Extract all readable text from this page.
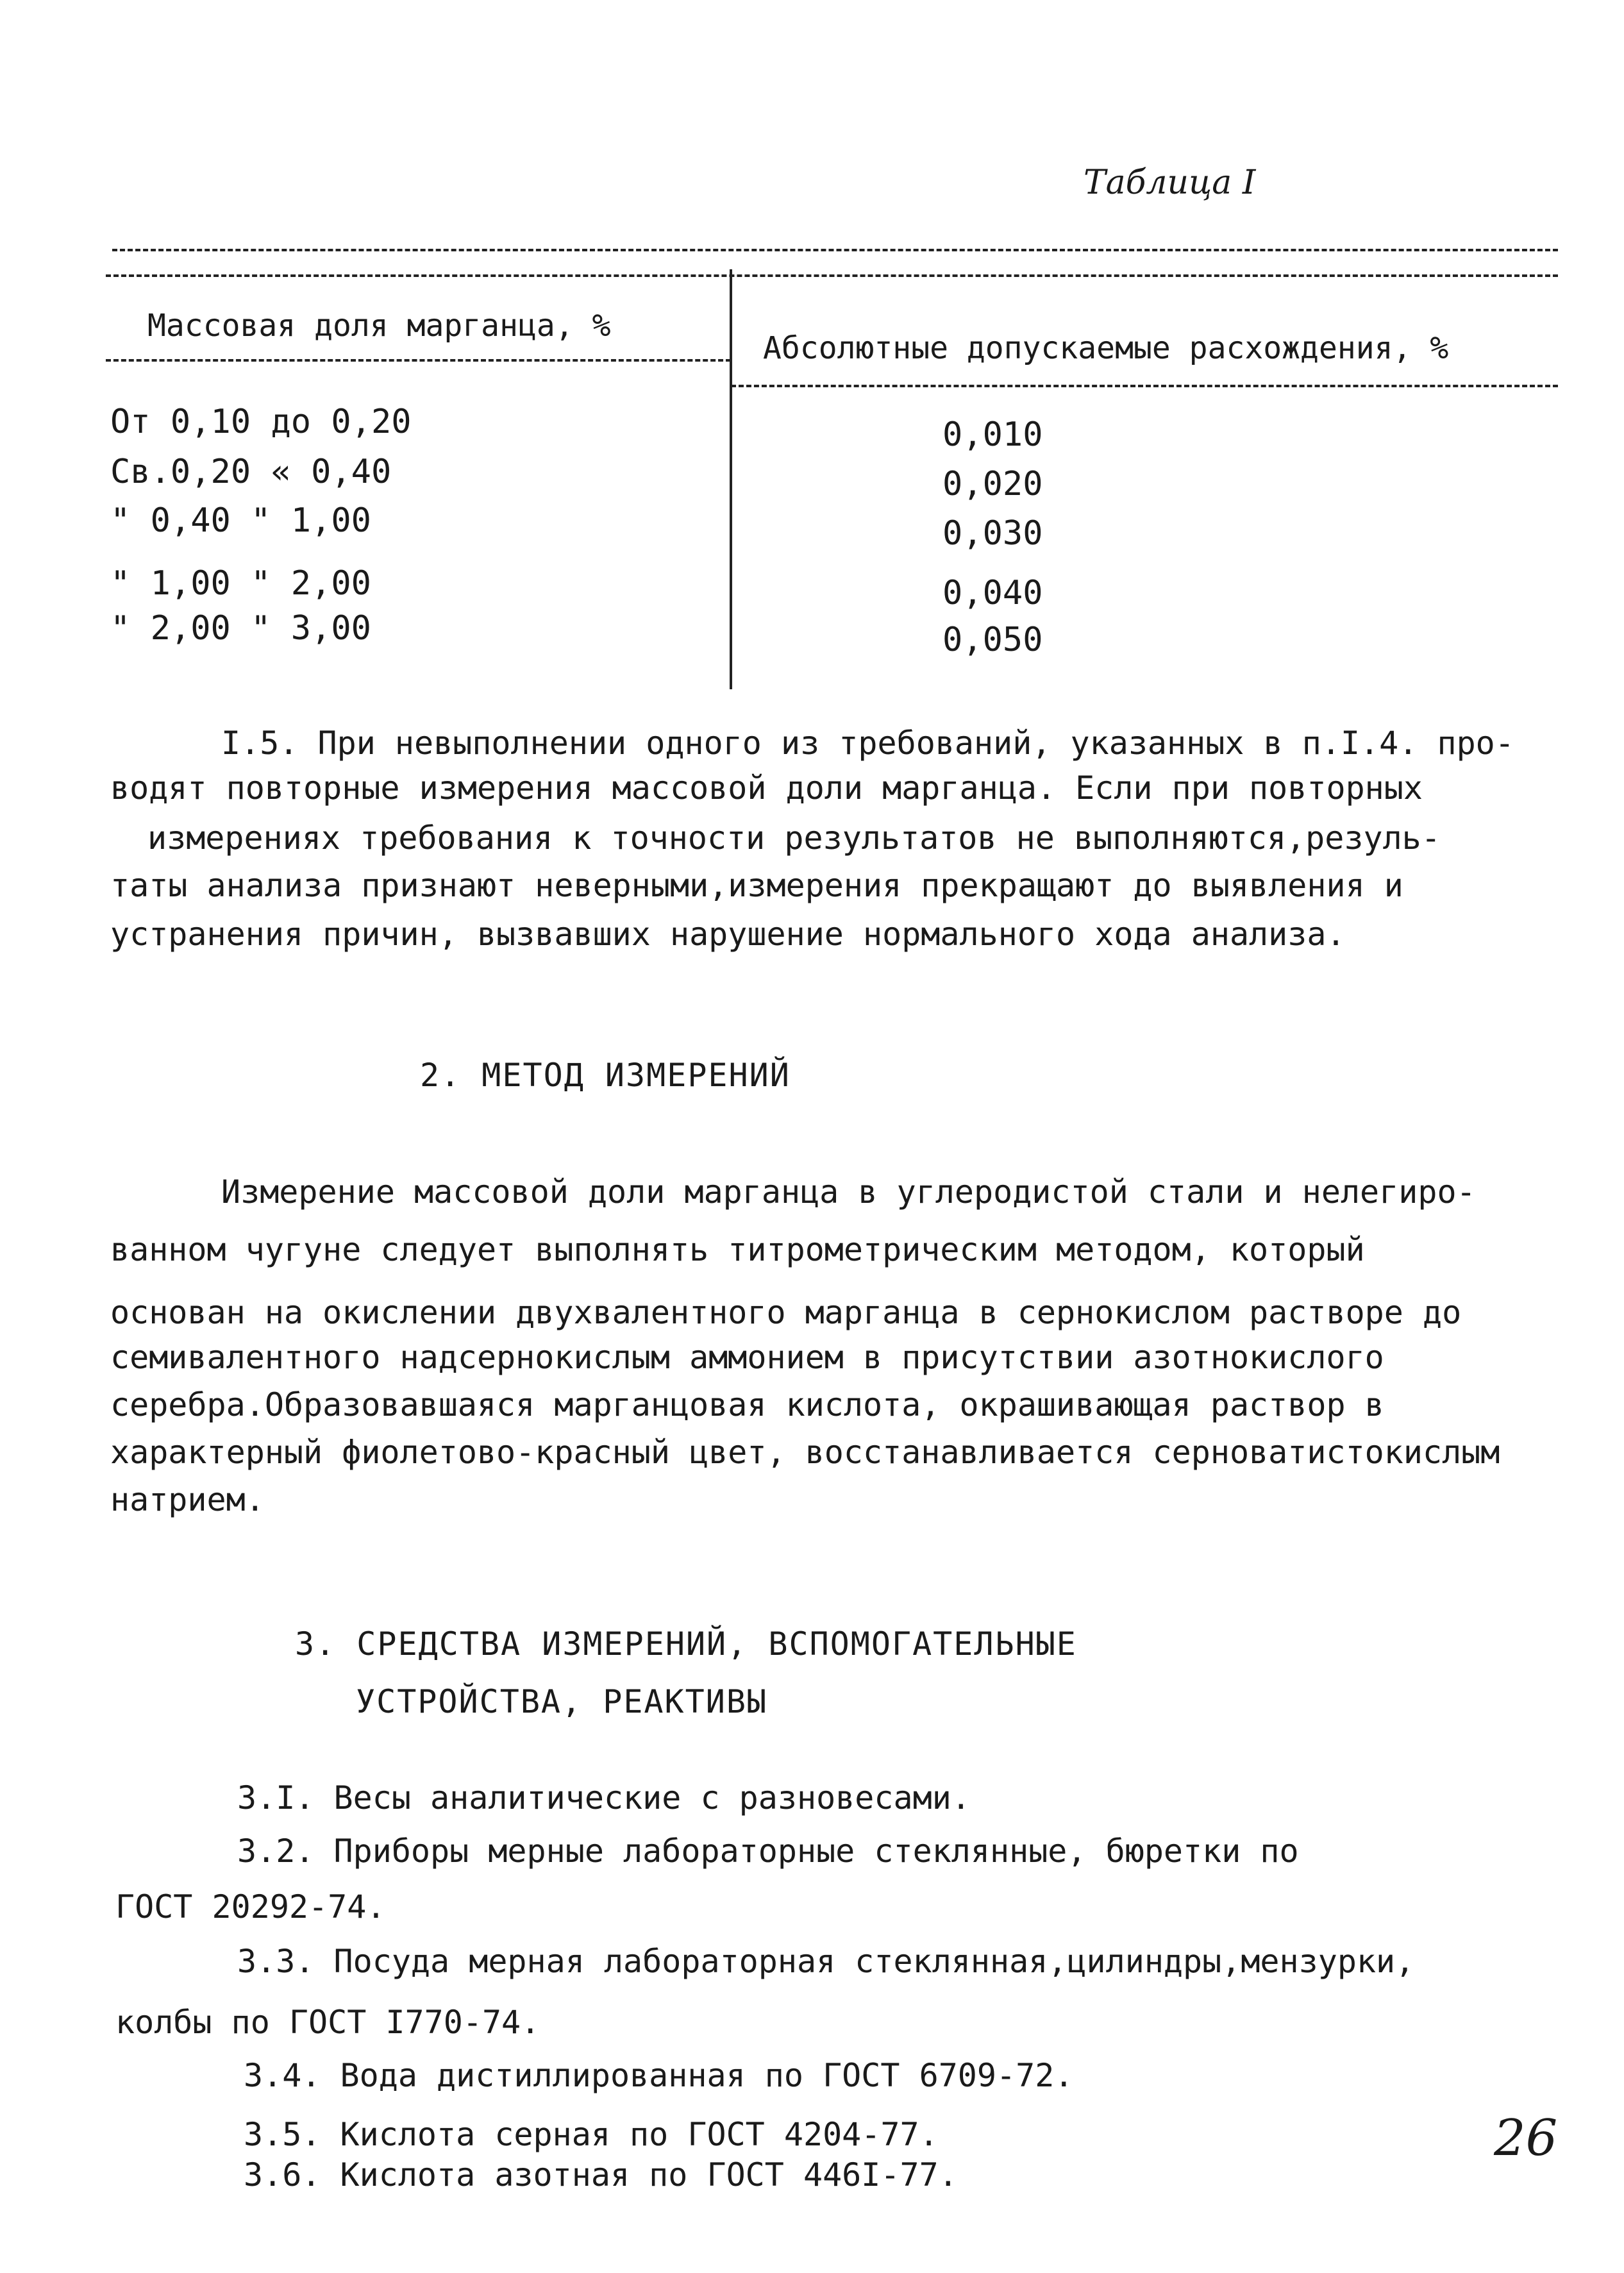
Таблица I
Массовая доля марганца, %
Абсолютные допускаемые расхождения, %
От 0,10 до 0,20
Св.0,20 « 0,40
" 0,40 " 1,00
" 1,00 " 2,00
" 2,00 " 3,00
0,010
0,020
0,030
0,040
0,050
I.5. При невыполнении одного из требований, указанных в п.I.4. про-
водят повторные измерения массовой доли марганца. Если при повторных
измерениях требования к точности результатов не выполняются,резуль-
таты анализа признают неверными,измерения прекращают до выявления и
устранения причин, вызвавших нарушение нормального хода анализа.
2. МЕТОД ИЗМЕРЕНИЙ
Измерение массовой доли марганца в углеродистой стали и нелегиро-
ванном чугуне следует выполнять титрометрическим методом, который
основан на окислении двухвалентного марганца в сернокислом растворе до
семивалентного надсернокислым аммонием в присутствии азотнокислого
серебра.Образовавшаяся марганцовая кислота, окрашивающая раствор в
характерный фиолетово-красный цвет, восстанавливается серноватистокислым
натрием.
3. СРЕДСТВА ИЗМЕРЕНИЙ, ВСПОМОГАТЕЛЬНЫЕ
УСТРОЙСТВА, РЕАКТИВЫ
3.I. Весы аналитические с разновесами.
3.2. Приборы мерные лабораторные стеклянные, бюретки по
ГОСТ 20292-74.
3.3. Посуда мерная лабораторная стеклянная,цилиндры,мензурки,
колбы по ГОСТ I770-74.
3.4. Вода дистиллированная по ГОСТ 6709-72.
3.5. Кислота серная по ГОСТ 4204-77.
3.6. Кислота азотная по ГОСТ 446I-77.
26
